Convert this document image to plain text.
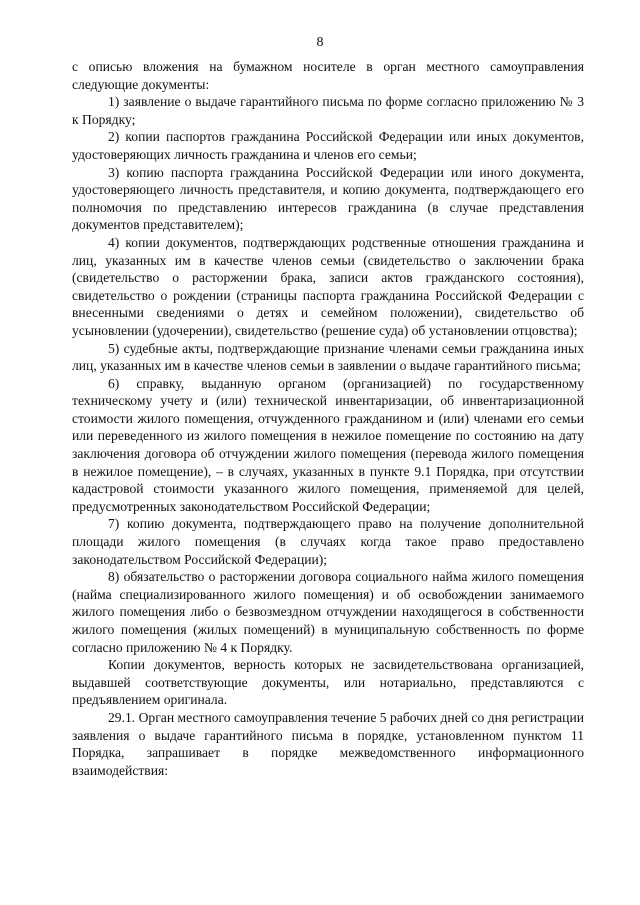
8

с описью вложения на бумажном носителе в орган местного самоуправления следующие документы:

1) заявление о выдаче гарантийного письма по форме согласно приложению № 3 к Порядку;

2) копии паспортов гражданина Российской Федерации или иных документов, удостоверяющих личность гражданина и членов его семьи;

3) копию паспорта гражданина Российской Федерации или иного документа, удостоверяющего личность представителя, и копию документа, подтверждающего его полномочия по представлению интересов гражданина (в случае представления документов представителем);

4) копии документов, подтверждающих родственные отношения гражданина и лиц, указанных им в качестве членов семьи (свидетельство о заключении брака (свидетельство о расторжении брака, записи актов гражданского состояния), свидетельство о рождении (страницы паспорта гражданина Российской Федерации с внесенными сведениями о детях и семейном положении), свидетельство об усыновлении (удочерении), свидетельство (решение суда) об установлении отцовства);

5) судебные акты, подтверждающие признание членами семьи гражданина иных лиц, указанных им в качестве членов семьи в заявлении о выдаче гарантийного письма;

6) справку, выданную органом (организацией) по государственному техническому учету и (или) технической инвентаризации, об инвентаризационной стоимости жилого помещения, отчужденного гражданином и (или) членами его семьи или переведенного из жилого помещения в нежилое помещение по состоянию на дату заключения договора об отчуждении жилого помещения (перевода жилого помещения в нежилое помещение), – в случаях, указанных в пункте 9.1 Порядка, при отсутствии кадастровой стоимости указанного жилого помещения, применяемой для целей, предусмотренных законодательством Российской Федерации;

7) копию документа, подтверждающего право на получение дополнительной площади жилого помещения (в случаях когда такое право предоставлено законодательством Российской Федерации);

8) обязательство о расторжении договора социального найма жилого помещения (найма специализированного жилого помещения) и об освобождении занимаемого жилого помещения либо о безвозмездном отчуждении находящегося в собственности жилого помещения (жилых помещений) в муниципальную собственность по форме согласно приложению № 4 к Порядку.

Копии документов, верность которых не засвидетельствована организацией, выдавшей соответствующие документы, или нотариально, представляются с предъявлением оригинала.

29.1. Орган местного самоуправления течение 5 рабочих дней со дня регистрации заявления о выдаче гарантийного письма в порядке, установленном пунктом 11 Порядка, запрашивает в порядке межведомственного информационного взаимодействия:
